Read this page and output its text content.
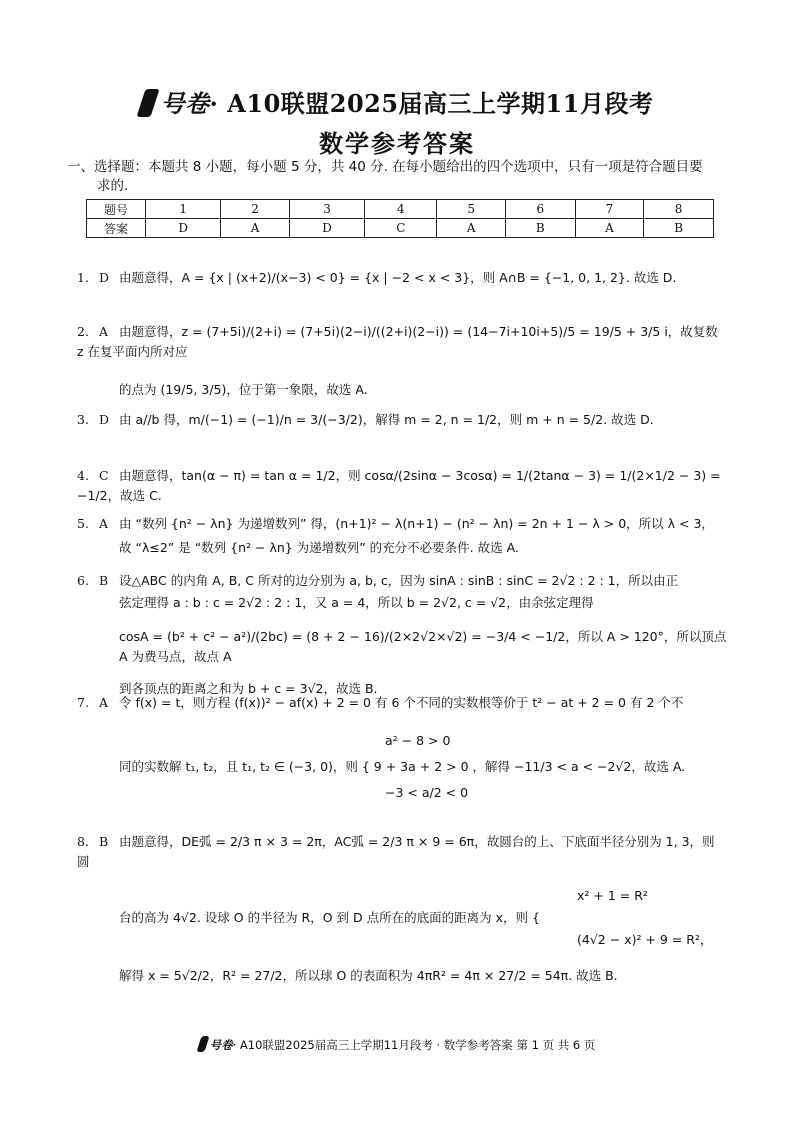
号卷· A10联盟2025届高三上学期11月段考
数学参考答案
一、选择题：本题共 8 小题，每小题 5 分，共 40 分. 在每小题给出的四个选项中，只有一项是符合题目要
求的.
题号	1	2	3	4	5	6	7	8
答案	D	A	D	C	A	B	A	B
1. D 由题意得，A = {x | (x+2)/(x−3) < 0} = {x | −2 < x < 3}，则 A∩B = {−1, 0, 1, 2}. 故选 D.
2. A 由题意得，z = (7+5i)/(2+i) = (7+5i)(2−i)/((2+i)(2−i)) = (14−7i+10i+5)/5 = 19/5 + 3/5 i，故复数 z 在复平面内所对应
的点为 (19/5, 3/5)，位于第一象限，故选 A.
3. D 由 a//b 得，m/(−1) = (−1)/n = 3/(−3/2)，解得 m = 2, n = 1/2，则 m + n = 5/2. 故选 D.
4. C 由题意得，tan(α − π) = tan α = 1/2，则 cosα/(2sinα − 3cosα) = 1/(2tanα − 3) = 1/(2×1/2 − 3) = −1/2，故选 C.
5. A 由 “数列 {n² − λn} 为递增数列” 得，(n+1)² − λ(n+1) − (n² − λn) = 2n + 1 − λ > 0，所以 λ < 3，
故 “λ≤2” 是 “数列 {n² − λn} 为递增数列” 的充分不必要条件. 故选 A.
6. B 设△ABC 的内角 A, B, C 所对的边分别为 a, b, c，因为 sinA : sinB : sinC = 2√2 : 2 : 1，所以由正
弦定理得 a : b : c = 2√2 : 2 : 1，又 a = 4，所以 b = 2√2, c = √2，由余弦定理得
cosA = (b² + c² − a²)/(2bc) = (8 + 2 − 16)/(2×2√2×√2) = −3/4 < −1/2，所以 A > 120°，所以顶点 A 为费马点，故点 A
到各顶点的距离之和为 b + c = 3√2，故选 B.
7. A 令 f(x) = t，则方程 (f(x))² − af(x) + 2 = 0 有 6 个不同的实数根等价于 t² − at + 2 = 0 有 2 个不
a² − 8 > 0
同的实数解 t₁, t₂，且 t₁, t₂ ∈ (−3, 0)，则 { 9 + 3a + 2 > 0 ，解得 −11/3 < a < −2√2，故选 A.
−3 < a/2 < 0
8. B 由题意得，DE弧 = 2/3 π × 3 = 2π，AC弧 = 2/3 π × 9 = 6π，故圆台的上、下底面半径分别为 1, 3，则圆
x² + 1 = R²
台的高为 4√2. 设球 O 的半径为 R，O 到 D 点所在的底面的距离为 x，则 {
(4√2 − x)² + 9 = R²，
解得 x = 5√2/2，R² = 27/2，所以球 O 的表面积为 4πR² = 4π × 27/2 = 54π. 故选 B.
号卷· A10联盟2025届高三上学期11月段考 · 数学参考答案 第 1 页 共 6 页
